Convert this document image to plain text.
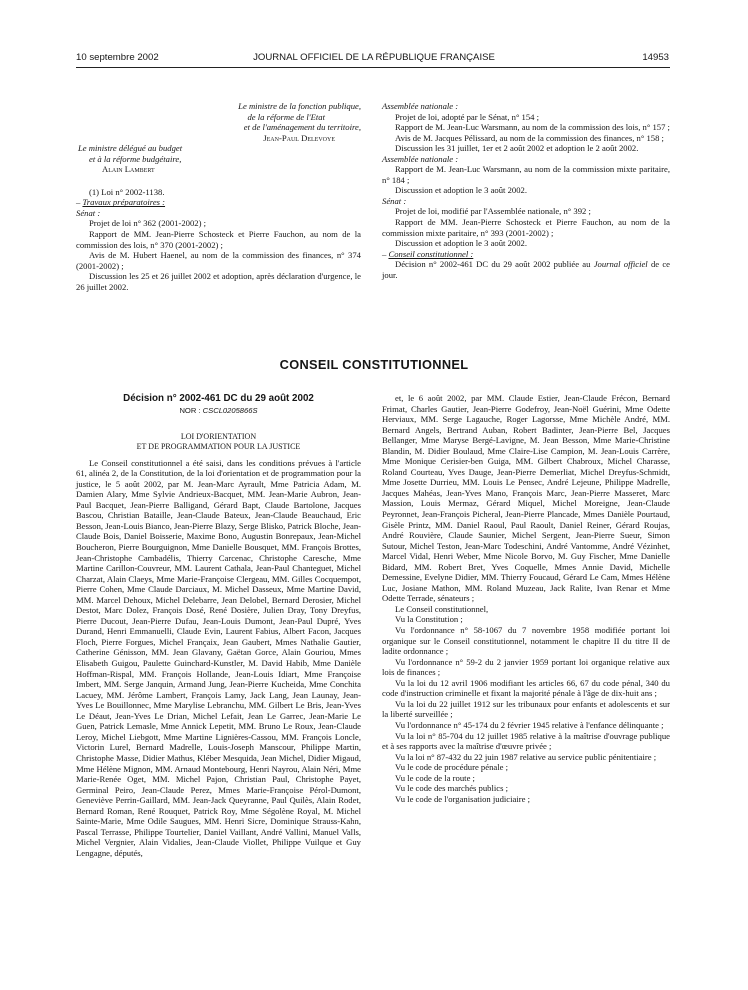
10 septembre 2002	JOURNAL OFFICIEL DE LA RÉPUBLIQUE FRANÇAISE	14953

Le ministre de la fonction publique,

de la réforme de l'Etat

et de l'aménagement du territoire,

Jean-Paul Delevoye

Le ministre délégué au budget

et à la réforme budgétaire,

Alain Lambert

(1) Loi n° 2002-1138.

– Travaux préparatoires :

Sénat :

Projet de loi n° 362 (2001-2002) ;

Rapport de MM. Jean-Pierre Schosteck et Pierre Fauchon, au nom de la commission des lois, n° 370 (2001-2002) ;

Avis de M. Hubert Haenel, au nom de la commission des finances, n° 374 (2001-2002) ;

Discussion les 25 et 26 juillet 2002 et adoption, après déclaration d'urgence, le 26 juillet 2002.

Assemblée nationale :

Projet de loi, adopté par le Sénat, n° 154 ;

Rapport de M. Jean-Luc Warsmann, au nom de la commission des lois, n° 157 ;

Avis de M. Jacques Pélissard, au nom de la commission des finances, n° 158 ;

Discussion les 31 juillet, 1er et 2 août 2002 et adoption le 2 août 2002.

Assemblée nationale :

Rapport de M. Jean-Luc Warsmann, au nom de la commission mixte paritaire, n° 184 ;

Discussion et adoption le 3 août 2002.

Sénat :

Projet de loi, modifié par l'Assemblée nationale, n° 392 ;

Rapport de MM. Jean-Pierre Schosteck et Pierre Fauchon, au nom de la commission mixte paritaire, n° 393 (2001-2002) ;

Discussion et adoption le 3 août 2002.

– Conseil constitutionnel :

Décision n° 2002-461 DC du 29 août 2002 publiée au Journal officiel de ce jour.

CONSEIL CONSTITUTIONNEL

Décision n° 2002-461 DC du 29 août 2002

NOR : CSCL0205866S

LOI D'ORIENTATION

ET DE PROGRAMMATION POUR LA JUSTICE

Le Conseil constitutionnel a été saisi, dans les conditions prévues à l'article 61, alinéa 2, de la Constitution, de la loi d'orientation et de programmation pour la justice, le 5 août 2002, par M. Jean-Marc Ayrault, Mme Patricia Adam, M. Damien Alary, Mme Sylvie Andrieux-Bacquet, MM. Jean-Marie Aubron, Jean-Paul Bacquet, Jean-Pierre Balligand, Gérard Bapt, Claude Bartolone, Jacques Bascou, Christian Bataille, Jean-Claude Bateux, Jean-Claude Beauchaud, Eric Besson, Jean-Louis Bianco, Jean-Pierre Blazy, Serge Blisko, Patrick Bloche, Jean-Claude Bois, Daniel Boisserie, Maxime Bono, Augustin Bonrepaux, Jean-Michel Boucheron, Pierre Bourguignon, Mme Danielle Bousquet, MM. François Brottes, Jean-Christophe Cambadélis, Thierry Carcenac, Christophe Caresche, Mme Martine Carillon-Couvreur, MM. Laurent Cathala, Jean-Paul Chanteguet, Michel Charzat, Alain Claeys, Mme Marie-Françoise Clergeau, MM. Gilles Cocquempot, Pierre Cohen, Mme Claude Darciaux, M. Michel Dasseux, Mme Martine David, MM. Marcel Dehoux, Michel Delebarre, Jean Delobel, Bernard Derosier, Michel Destot, Marc Dolez, François Dosé, René Dosière, Julien Dray, Tony Dreyfus, Pierre Ducout, Jean-Pierre Dufau, Jean-Louis Dumont, Jean-Paul Dupré, Yves Durand, Henri Emmanuelli, Claude Evin, Laurent Fabius, Albert Facon, Jacques Floch, Pierre Forgues, Michel Françaix, Jean Gaubert, Mmes Nathalie Gautier, Catherine Génisson, MM. Jean Glavany, Gaëtan Gorce, Alain Gouriou, Mmes Elisabeth Guigou, Paulette Guinchard-Kunstler, M. David Habib, Mme Danièle Hoffman-Rispal, MM. François Hollande, Jean-Louis Idiart, Mme Françoise Imbert, MM. Serge Janquin, Armand Jung, Jean-Pierre Kucheida, Mme Conchita Lacuey, MM. Jérôme Lambert, François Lamy, Jack Lang, Jean Launay, Jean-Yves Le Bouillonnec, Mme Marylise Lebranchu, MM. Gilbert Le Bris, Jean-Yves Le Déaut, Jean-Yves Le Drian, Michel Lefait, Jean Le Garrec, Jean-Marie Le Guen, Patrick Lemasle, Mme Annick Lepetit, MM. Bruno Le Roux, Jean-Claude Leroy, Michel Liebgott, Mme Martine Lignières-Cassou, MM. François Loncle, Victorin Lurel, Bernard Madrelle, Louis-Joseph Manscour, Philippe Martin, Christophe Masse, Didier Mathus, Kléber Mesquida, Jean Michel, Didier Migaud, Mme Hélène Mignon, MM. Arnaud Montebourg, Henri Nayrou, Alain Néri, Mme Marie-Renée Oget, MM. Michel Pajon, Christian Paul, Christophe Payet, Germinal Peiro, Jean-Claude Perez, Mmes Marie-Françoise Pérol-Dumont, Geneviève Perrin-Gaillard, MM. Jean-Jack Queyranne, Paul Quilès, Alain Rodet, Bernard Roman, René Rouquet, Patrick Roy, Mme Ségolène Royal, M. Michel Sainte-Marie, Mme Odile Saugues, MM. Henri Sicre, Dominique Strauss-Kahn, Pascal Terrasse, Philippe Tourtelier, Daniel Vaillant, André Vallini, Manuel Valls, Michel Vergnier, Alain Vidalies, Jean-Claude Viollet, Philippe Vuilque et Guy Lengagne, députés,

et, le 6 août 2002, par MM. Claude Estier, Jean-Claude Frécon, Bernard Frimat, Charles Gautier, Jean-Pierre Godefroy, Jean-Noël Guérini, Mme Odette Herviaux, MM. Serge Lagauche, Roger Lagorsse, Mme Michèle André, MM. Bernard Angels, Bertrand Auban, Robert Badinter, Jean-Pierre Bel, Jacques Bellanger, Mme Maryse Bergé-Lavigne, M. Jean Besson, Mme Marie-Christine Blandin, M. Didier Boulaud, Mme Claire-Lise Campion, M. Jean-Louis Carrère, Mme Monique Cerisier-ben Guiga, MM. Gilbert Chabroux, Michel Charasse, Roland Courteau, Yves Dauge, Jean-Pierre Demerliat, Michel Dreyfus-Schmidt, Mme Josette Durrieu, MM. Louis Le Pensec, André Lejeune, Philippe Madrelle, Jacques Mahéas, Jean-Yves Mano, François Marc, Jean-Pierre Masseret, Marc Massion, Louis Mermaz, Gérard Miquel, Michel Moreigne, Jean-Claude Peyronnet, Jean-François Picheral, Jean-Pierre Plancade, Mmes Danièle Pourtaud, Gisèle Printz, MM. Daniel Raoul, Paul Raoult, Daniel Reiner, Gérard Roujas, André Rouvière, Claude Saunier, Michel Sergent, Jean-Pierre Sueur, Simon Sutour, Michel Teston, Jean-Marc Todeschini, André Vantomme, André Vézinhet, Marcel Vidal, Henri Weber, Mme Nicole Borvo, M. Guy Fischer, Mme Danielle Bidard, MM. Robert Bret, Yves Coquelle, Mmes Annie David, Michelle Demessine, Evelyne Didier, MM. Thierry Foucaud, Gérard Le Cam, Mmes Hélène Luc, Josiane Mathon, MM. Roland Muzeau, Jack Ralite, Ivan Renar et Mme Odette Terrade, sénateurs ;

Le Conseil constitutionnel,

Vu la Constitution ;

Vu l'ordonnance n° 58-1067 du 7 novembre 1958 modifiée portant loi organique sur le Conseil constitutionnel, notamment le chapitre II du titre II de ladite ordonnance ;

Vu l'ordonnance n° 59-2 du 2 janvier 1959 portant loi organique relative aux lois de finances ;

Vu la loi du 12 avril 1906 modifiant les articles 66, 67 du code pénal, 340 du code d'instruction criminelle et fixant la majorité pénale à l'âge de dix-huit ans ;

Vu la loi du 22 juillet 1912 sur les tribunaux pour enfants et adolescents et sur la liberté surveillée ;

Vu l'ordonnance n° 45-174 du 2 février 1945 relative à l'enfance délinquante ;

Vu la loi n° 85-704 du 12 juillet 1985 relative à la maîtrise d'ouvrage publique et à ses rapports avec la maîtrise d'œuvre privée ;

Vu la loi n° 87-432 du 22 juin 1987 relative au service public pénitentiaire ;

Vu le code de procédure pénale ;

Vu le code de la route ;

Vu le code des marchés publics ;

Vu le code de l'organisation judiciaire ;
